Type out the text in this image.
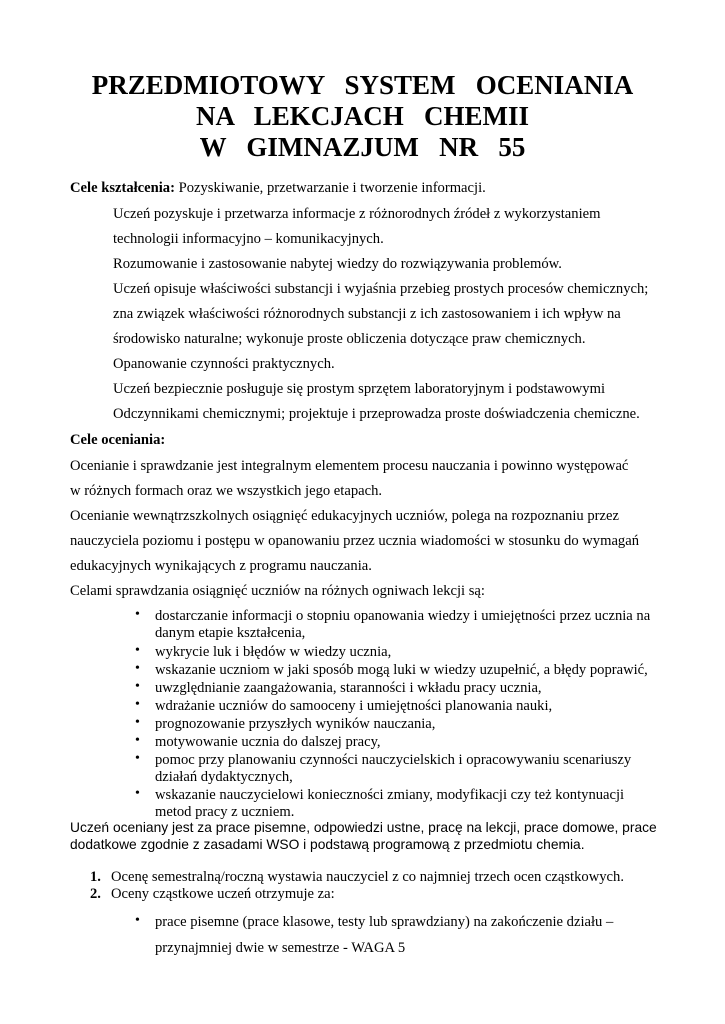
PRZEDMIOTOWY   SYSTEM   OCENIANIA
NA   LEKCJACH   CHEMII
W   GIMNAZJUM   NR   55
Cele kształcenia: Pozyskiwanie, przetwarzanie i tworzenie informacji.
Uczeń pozyskuje i przetwarza informacje z różnorodnych źródeł z wykorzystaniem
technologii informacyjno – komunikacyjnych.
Rozumowanie i zastosowanie nabytej wiedzy do rozwiązywania problemów.
Uczeń opisuje właściwości substancji i wyjaśnia przebieg prostych procesów chemicznych;
zna związek właściwości różnorodnych substancji z ich zastosowaniem i ich wpływ na
środowisko naturalne; wykonuje proste obliczenia dotyczące praw chemicznych.
Opanowanie czynności praktycznych.
Uczeń bezpiecznie posługuje się prostym sprzętem laboratoryjnym i podstawowymi
Odczynnikami chemicznymi; projektuje i przeprowadza proste doświadczenia chemiczne.
Cele oceniania:
Ocenianie i sprawdzanie jest integralnym elementem procesu nauczania i powinno występować
w różnych formach oraz we wszystkich jego etapach.
Ocenianie wewnątrzszkolnych osiągnięć edukacyjnych uczniów, polega na rozpoznaniu przez
nauczyciela poziomu i postępu w opanowaniu przez ucznia wiadomości w stosunku do wymagań
edukacyjnych wynikających z programu nauczania.
Celami sprawdzania osiągnięć uczniów na różnych ogniwach lekcji są:
• dostarczanie informacji o stopniu opanowania wiedzy i umiejętności przez ucznia na
danym etapie kształcenia,
• wykrycie luk i błędów w wiedzy ucznia,
• wskazanie uczniom w jaki sposób mogą luki w wiedzy uzupełnić, a błędy poprawić,
• uwzględnianie zaangażowania, staranności i wkładu pracy ucznia,
• wdrażanie uczniów do samooceny i umiejętności planowania nauki,
• prognozowanie przyszłych wyników nauczania,
• motywowanie ucznia do dalszej pracy,
• pomoc przy planowaniu czynności nauczycielskich i opracowywaniu scenariuszy
działań dydaktycznych,
• wskazanie nauczycielowi konieczności zmiany, modyfikacji czy też kontynuacji
metod pracy z uczniem.
Uczeń oceniany jest za prace pisemne, odpowiedzi ustne, pracę na lekcji, prace domowe, prace
dodatkowe zgodnie z zasadami WSO i podstawą programową z przedmiotu chemia.
1. Ocenę semestralną/roczną wystawia nauczyciel z co najmniej trzech ocen cząstkowych.
2. Oceny cząstkowe uczeń otrzymuje za:
• prace pisemne (prace klasowe, testy lub sprawdziany) na zakończenie działu –
przynajmniej dwie w semestrze - WAGA 5
